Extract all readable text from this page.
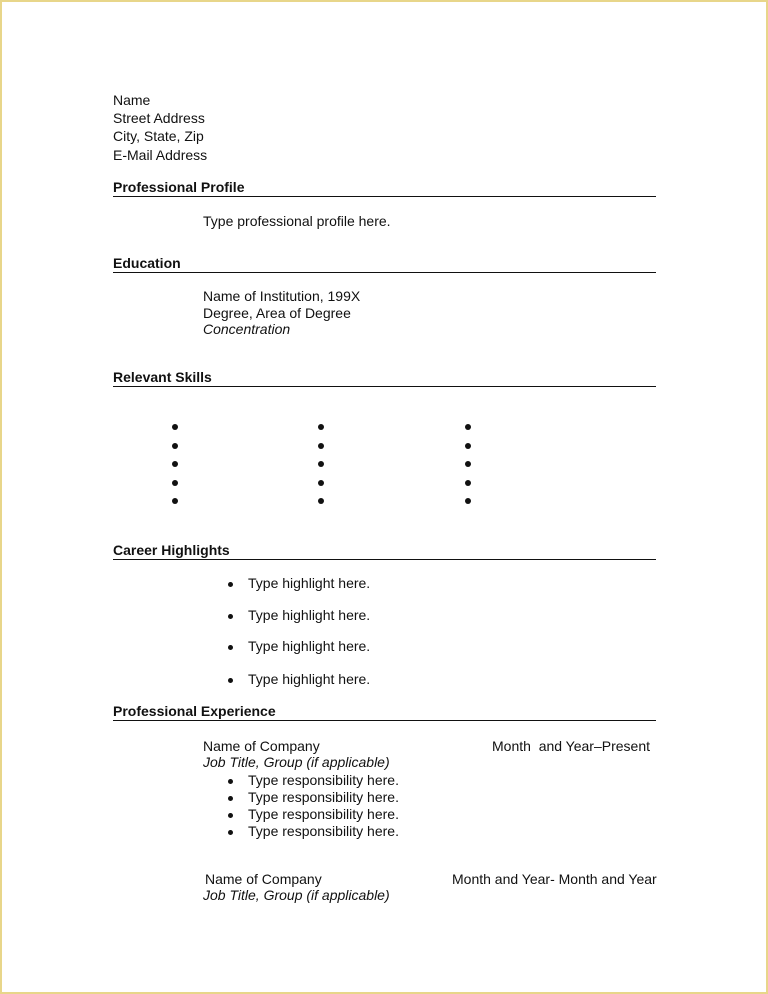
Name
Street Address
City, State, Zip
E-Mail Address
Professional Profile
Type professional profile here.
Education
Name of Institution, 199X
Degree, Area of Degree
Concentration
Relevant Skills
Career Highlights
Type highlight here.
Type highlight here.
Type highlight here.
Type highlight here.
Professional Experience
Name of Company	Month  and Year–Present
Job Title, Group (if applicable)
Type responsibility here.
Type responsibility here.
Type responsibility here.
Type responsibility here.
Name of Company	Month and Year- Month and Year
Job Title, Group (if applicable)
